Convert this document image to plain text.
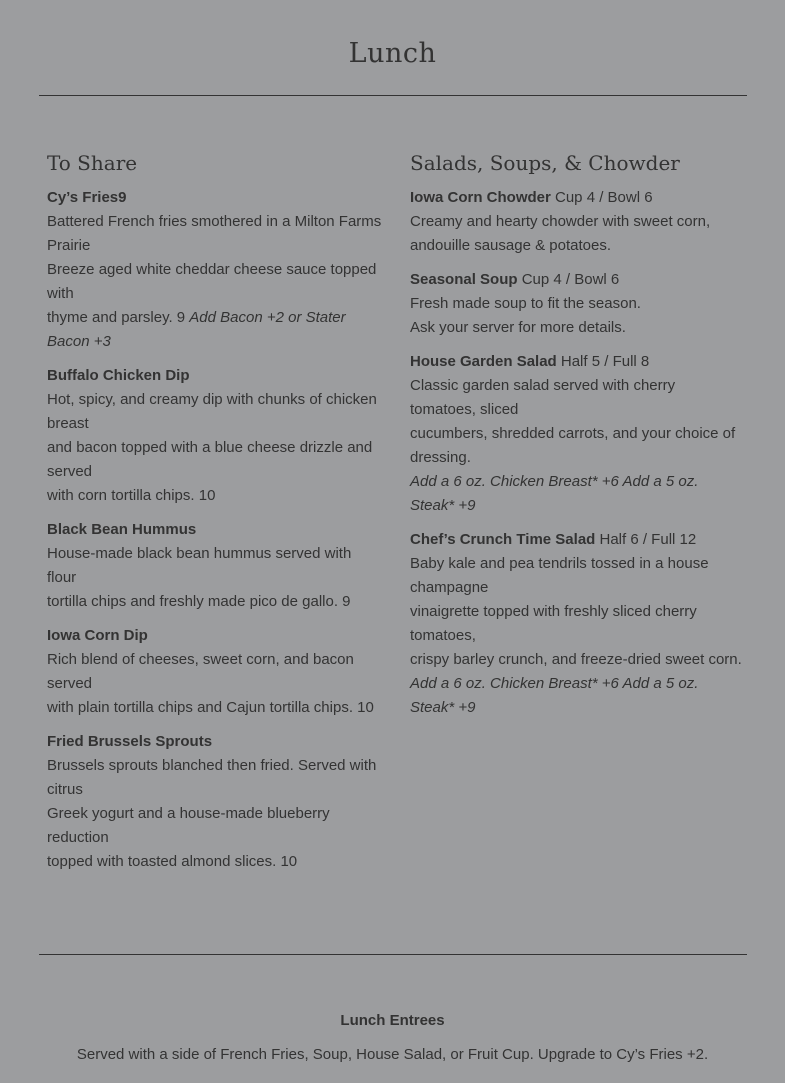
Lunch
To Share
Cy’s Fries9
Battered French fries smothered in a Milton Farms Prairie
Breeze aged white cheddar cheese sauce topped with
thyme and parsley. 9 Add Bacon +2 or Stater Bacon +3
Buffalo Chicken Dip
Hot, spicy, and creamy dip with chunks of chicken breast
and bacon topped with a blue cheese drizzle and served
with corn tortilla chips. 10
Black Bean Hummus
House-made black bean hummus served with flour
tortilla chips and freshly made pico de gallo. 9
Iowa Corn Dip
Rich blend of cheeses, sweet corn, and bacon served
with plain tortilla chips and Cajun tortilla chips. 10
Fried Brussels Sprouts
Brussels sprouts blanched then fried. Served with citrus
Greek yogurt and a house-made blueberry reduction
topped with toasted almond slices. 10
Salads, Soups, & Chowder
Iowa Corn Chowder Cup 4 / Bowl 6
Creamy and hearty chowder with sweet corn, andouille sausage & potatoes.
Seasonal Soup Cup 4 / Bowl 6
Fresh made soup to fit the season.
Ask your server for more details.
House Garden Salad Half 5 / Full 8
Classic garden salad served with cherry tomatoes, sliced
cucumbers, shredded carrots, and your choice of dressing.
Add a 6 oz. Chicken Breast* +6 Add a 5 oz. Steak* +9
Chef’s Crunch Time Salad Half 6 / Full 12
Baby kale and pea tendrils tossed in a house champagne
vinaigrette topped with freshly sliced cherry tomatoes,
crispy barley crunch, and freeze-dried sweet corn.
Add a 6 oz. Chicken Breast* +6 Add a 5 oz. Steak* +9
Lunch Entrees
Served with a side of French Fries, Soup, House Salad, or Fruit Cup. Upgrade to Cy’s Fries +2.
